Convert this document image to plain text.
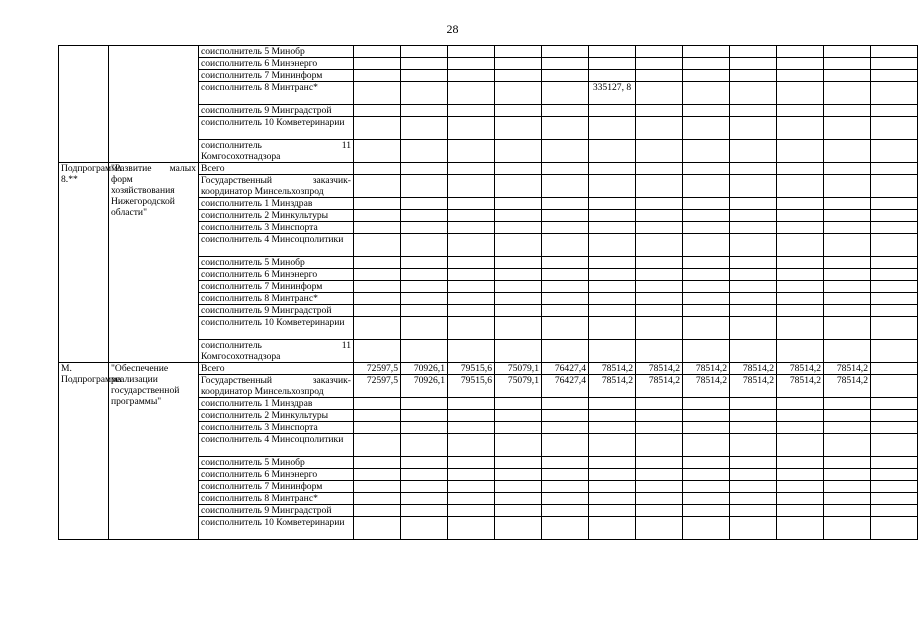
28
		соисполнитель 5 Минобр												
		соисполнитель 6 Минэнерго												
		соисполнитель 7 Мининформ												
		соисполнитель 8 Минтранс*						335127, 8						
		соисполнитель 9 Минградстрой												
		соисполнитель 10 Комветеринарии												
		соисполнитель 11 Комгосохотнадзора												
Подпрограмма 8.**	"Развитие малых форм хозяйствования Нижегородской области"	Всего												
		Государственный заказчик-координатор Минсельхозпрод												
		соисполнитель 1 Минздрав												
		соисполнитель 2 Минкультуры												
		соисполнитель 3 Минспорта												
		соисполнитель 4 Минсоцполитики												
		соисполнитель 5 Минобр												
		соисполнитель 6 Минэнерго												
		соисполнитель 7 Мининформ												
		соисполнитель 8 Минтранс*												
		соисполнитель 9 Минградстрой												
		соисполнитель 10 Комветеринарии												
		соисполнитель 11 Комгосохотнадзора												
М. Подпрограмма	"Обеспечение реализации государственной программы"	Всего	72597,5	70926,1	79515,6	75079,1	76427,4	78514,2	78514,2	78514,2	78514,2	78514,2	78514,2	
		Государственный заказчик-координатор Минсельхозпрод	72597,5	70926,1	79515,6	75079,1	76427,4	78514,2	78514,2	78514,2	78514,2	78514,2	78514,2	
		соисполнитель 1 Минздрав												
		соисполнитель 2 Минкультуры												
		соисполнитель 3 Минспорта												
		соисполнитель 4 Минсоцполитики												
		соисполнитель 5 Минобр												
		соисполнитель 6 Минэнерго												
		соисполнитель 7 Мининформ												
		соисполнитель 8 Минтранс*												
		соисполнитель 9 Минградстрой												
		соисполнитель 10 Комветеринарии												
